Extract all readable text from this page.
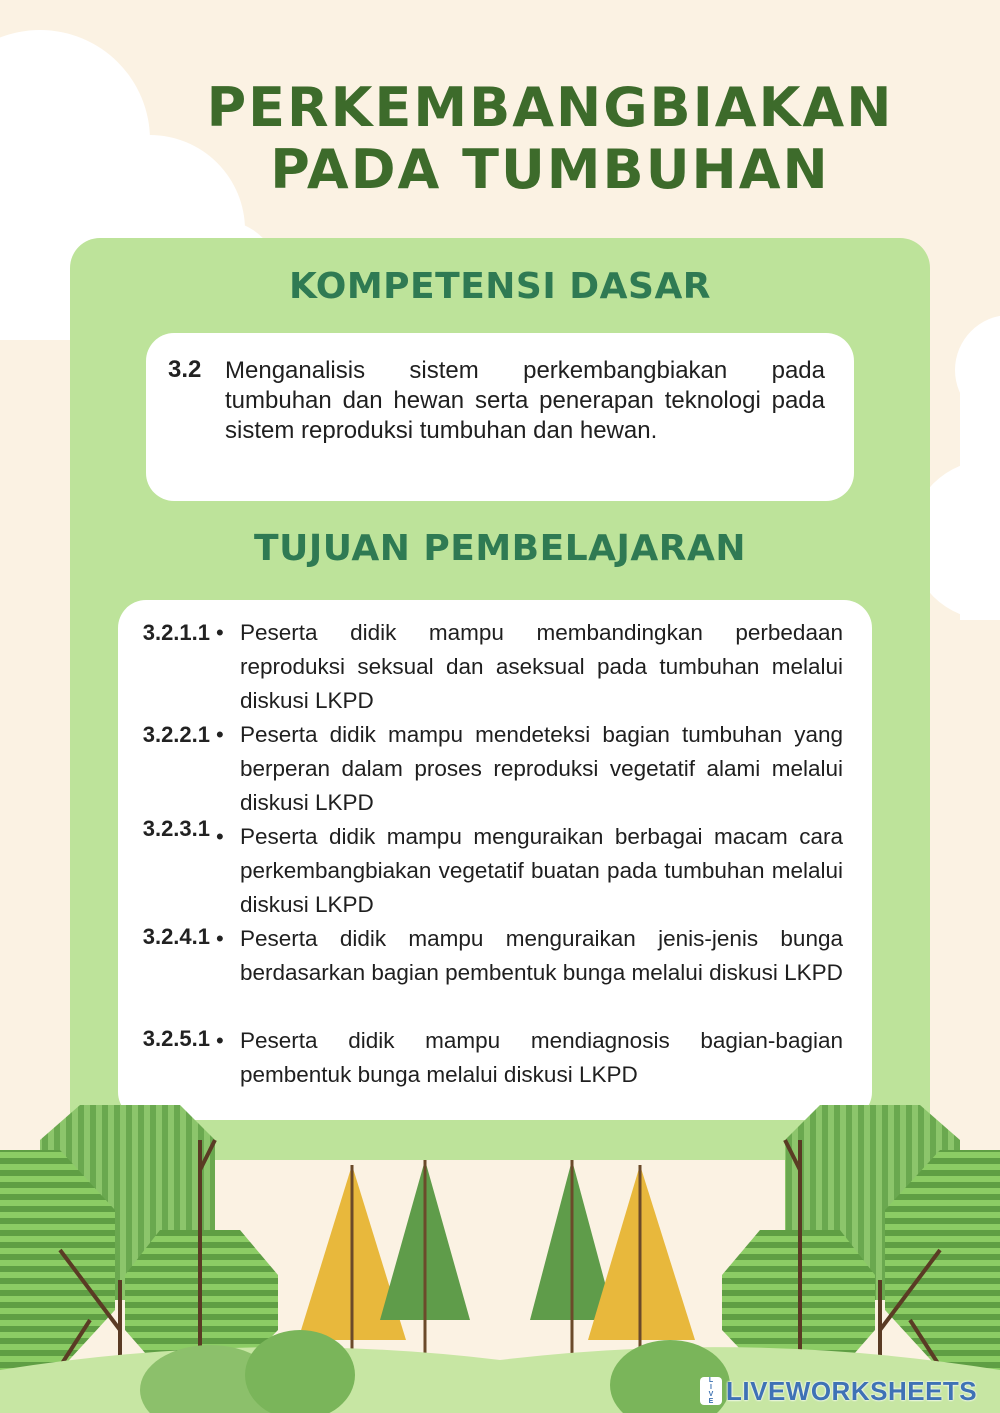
PERKEMBANGBIAKAN
PADA TUMBUHAN
KOMPETENSI DASAR
3.2 Menganalisis sistem perkembangbiakan pada tumbuhan dan hewan serta penerapan teknologi pada sistem reproduksi tumbuhan dan hewan.
TUJUAN PEMBELAJARAN
3.2.1.1 • Peserta didik mampu membandingkan perbedaan reproduksi seksual dan aseksual pada tumbuhan melalui diskusi LKPD
3.2.2.1 • Peserta didik mampu mendeteksi bagian tumbuhan yang berperan dalam proses reproduksi vegetatif alami melalui diskusi LKPD
3.2.3.1 • Peserta didik mampu menguraikan berbagai macam cara perkembangbiakan vegetatif buatan pada tumbuhan melalui diskusi LKPD
3.2.4.1 • Peserta didik mampu menguraikan jenis-jenis bunga berdasarkan bagian pembentuk bunga melalui diskusi LKPD
3.2.5.1 • Peserta didik mampu mendiagnosis bagian-bagian pembentuk bunga melalui diskusi LKPD
L
I
V
E LIVEWORKSHEETS
